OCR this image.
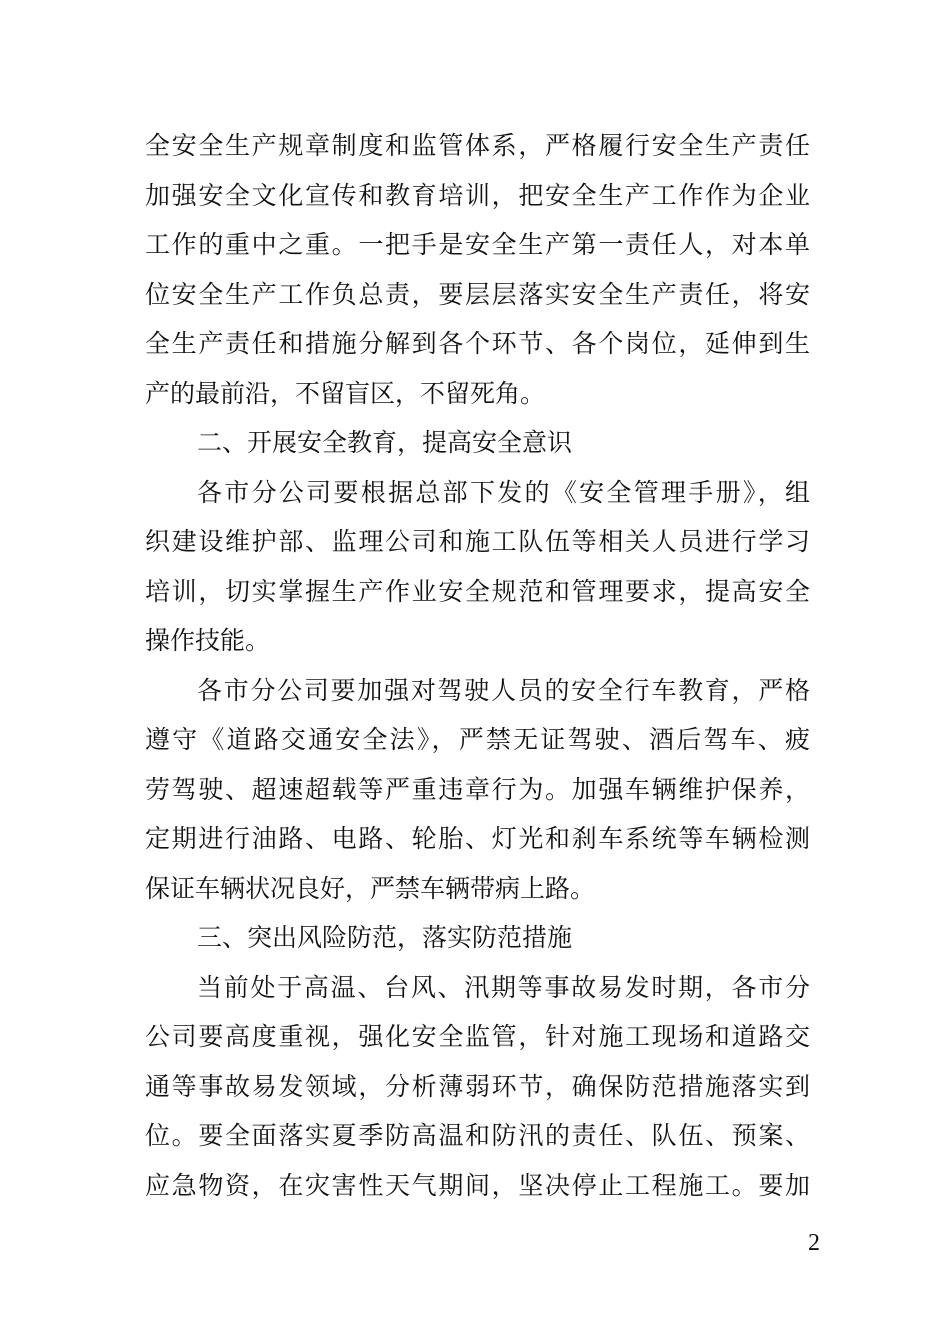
全安全生产规章制度和监管体系，严格履行安全生产责任
加强安全文化宣传和教育培训，把安全生产工作作为企业
工作的重中之重。一把手是安全生产第一责任人，对本单
位安全生产工作负总责，要层层落实安全生产责任，将安
全生产责任和措施分解到各个环节、各个岗位，延伸到生
产的最前沿，不留盲区，不留死角。
二、开展安全教育，提高安全意识
各市分公司要根据总部下发的《安全管理手册》，组
织建设维护部、监理公司和施工队伍等相关人员进行学习
培训，切实掌握生产作业安全规范和管理要求，提高安全
操作技能。
各市分公司要加强对驾驶人员的安全行车教育，严格
遵守《道路交通安全法》，严禁无证驾驶、酒后驾车、疲
劳驾驶、超速超载等严重违章行为。加强车辆维护保养，
定期进行油路、电路、轮胎、灯光和刹车系统等车辆检测
保证车辆状况良好，严禁车辆带病上路。
三、突出风险防范，落实防范措施
当前处于高温、台风、汛期等事故易发时期，各市分
公司要高度重视，强化安全监管，针对施工现场和道路交
通等事故易发领域，分析薄弱环节，确保防范措施落实到
位。要全面落实夏季防高温和防汛的责任、队伍、预案、
应急物资，在灾害性天气期间，坚决停止工程施工。要加
2
